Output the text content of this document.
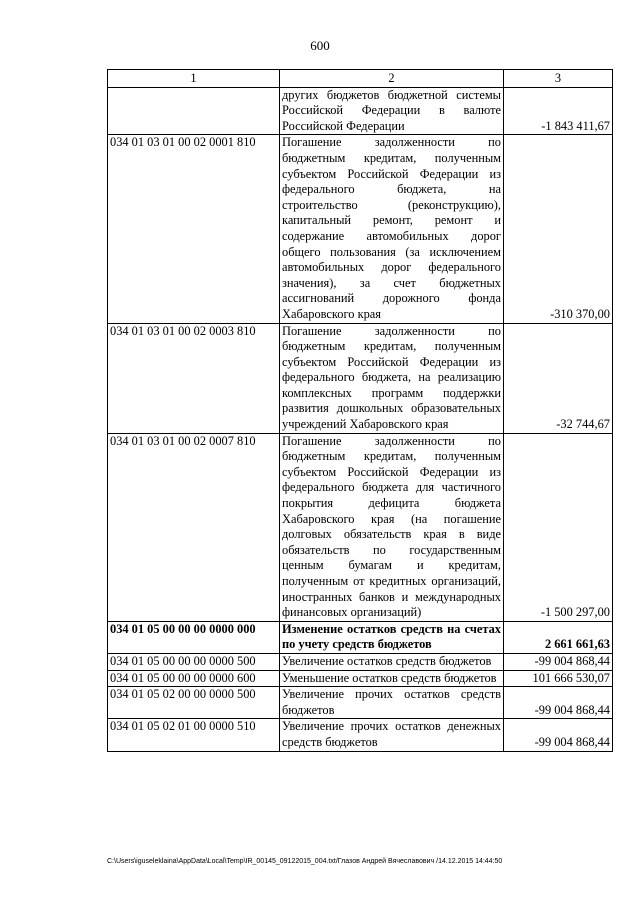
600
1	2	3
	других бюджетов бюджетной системы Российской Федерации в валюте Российской Федерации	-1 843 411,67
034 01 03 01 00 02 0001 810	Погашение задолженности по бюджетным кредитам, полученным субъектом Российской Федерации из федерального бюджета, на строительство (реконструкцию), капитальный ремонт, ремонт и содержание автомобильных дорог общего пользования (за исключением автомобильных дорог федерального значения), за счет бюджетных ассигнований дорожного фонда Хабаровского края	-310 370,00
034 01 03 01 00 02 0003 810	Погашение задолженности по бюджетным кредитам, полученным субъектом Российской Федерации из федерального бюджета, на реализацию комплексных программ поддержки развития дошкольных образовательных учреждений Хабаровского края	-32 744,67
034 01 03 01 00 02 0007 810	Погашение задолженности по бюджетным кредитам, полученным субъектом Российской Федерации из федерального бюджета для частичного покрытия дефицита бюджета Хабаровского края (на погашение долговых обязательств края в виде обязательств по государственным ценным бумагам и кредитам, полученным от кредитных организаций, иностранных банков и международных финансовых организаций)	-1 500 297,00
034 01 05 00 00 00 0000 000	Изменение остатков средств на счетах по учету средств бюджетов	2 661 661,63
034 01 05 00 00 00 0000 500	Увеличение остатков средств бюджетов	-99 004 868,44
034 01 05 00 00 00 0000 600	Уменьшение остатков средств бюджетов	101 666 530,07
034 01 05 02 00 00 0000 500	Увеличение прочих остатков средств бюджетов	-99 004 868,44
034 01 05 02 01 00 0000 510	Увеличение прочих остатков денежных средств бюджетов	-99 004 868,44
C:\Users\iguseleklaina\AppData\Local\Temp\IR_00145_09122015_004.txt/Глазов Андрей Вячеславович /14.12.2015 14:44:50
